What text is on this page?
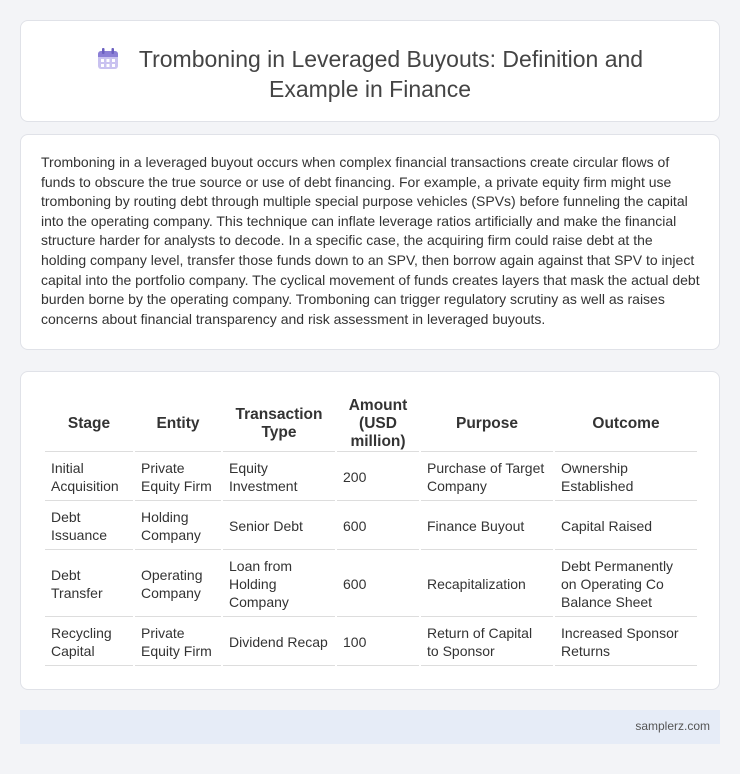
Tromboning in Leveraged Buyouts: Definition and Example in Finance

Tromboning in a leveraged buyout occurs when complex financial transactions create circular flows of funds to obscure the true source or use of debt financing. For example, a private equity firm might use tromboning by routing debt through multiple special purpose vehicles (SPVs) before funneling the capital into the operating company. This technique can inflate leverage ratios artificially and make the financial structure harder for analysts to decode. In a specific case, the acquiring firm could raise debt at the holding company level, transfer those funds down to an SPV, then borrow again against that SPV to inject capital into the portfolio company. The cyclical movement of funds creates layers that mask the actual debt burden borne by the operating company. Tromboning can trigger regulatory scrutiny as well as raises concerns about financial transparency and risk assessment in leveraged buyouts.

Stage	Entity	Transaction Type	Amount (USD million)	Purpose	Outcome
Initial Acquisition	Private Equity Firm	Equity Investment	200	Purchase of Target Company	Ownership Established
Debt Issuance	Holding Company	Senior Debt	600	Finance Buyout	Capital Raised
Debt Transfer	Operating Company	Loan from Holding Company	600	Recapitalization	Debt Permanently on Operating Co Balance Sheet
Recycling Capital	Private Equity Firm	Dividend Recap	100	Return of Capital to Sponsor	Increased Sponsor Returns
samplerz.com
